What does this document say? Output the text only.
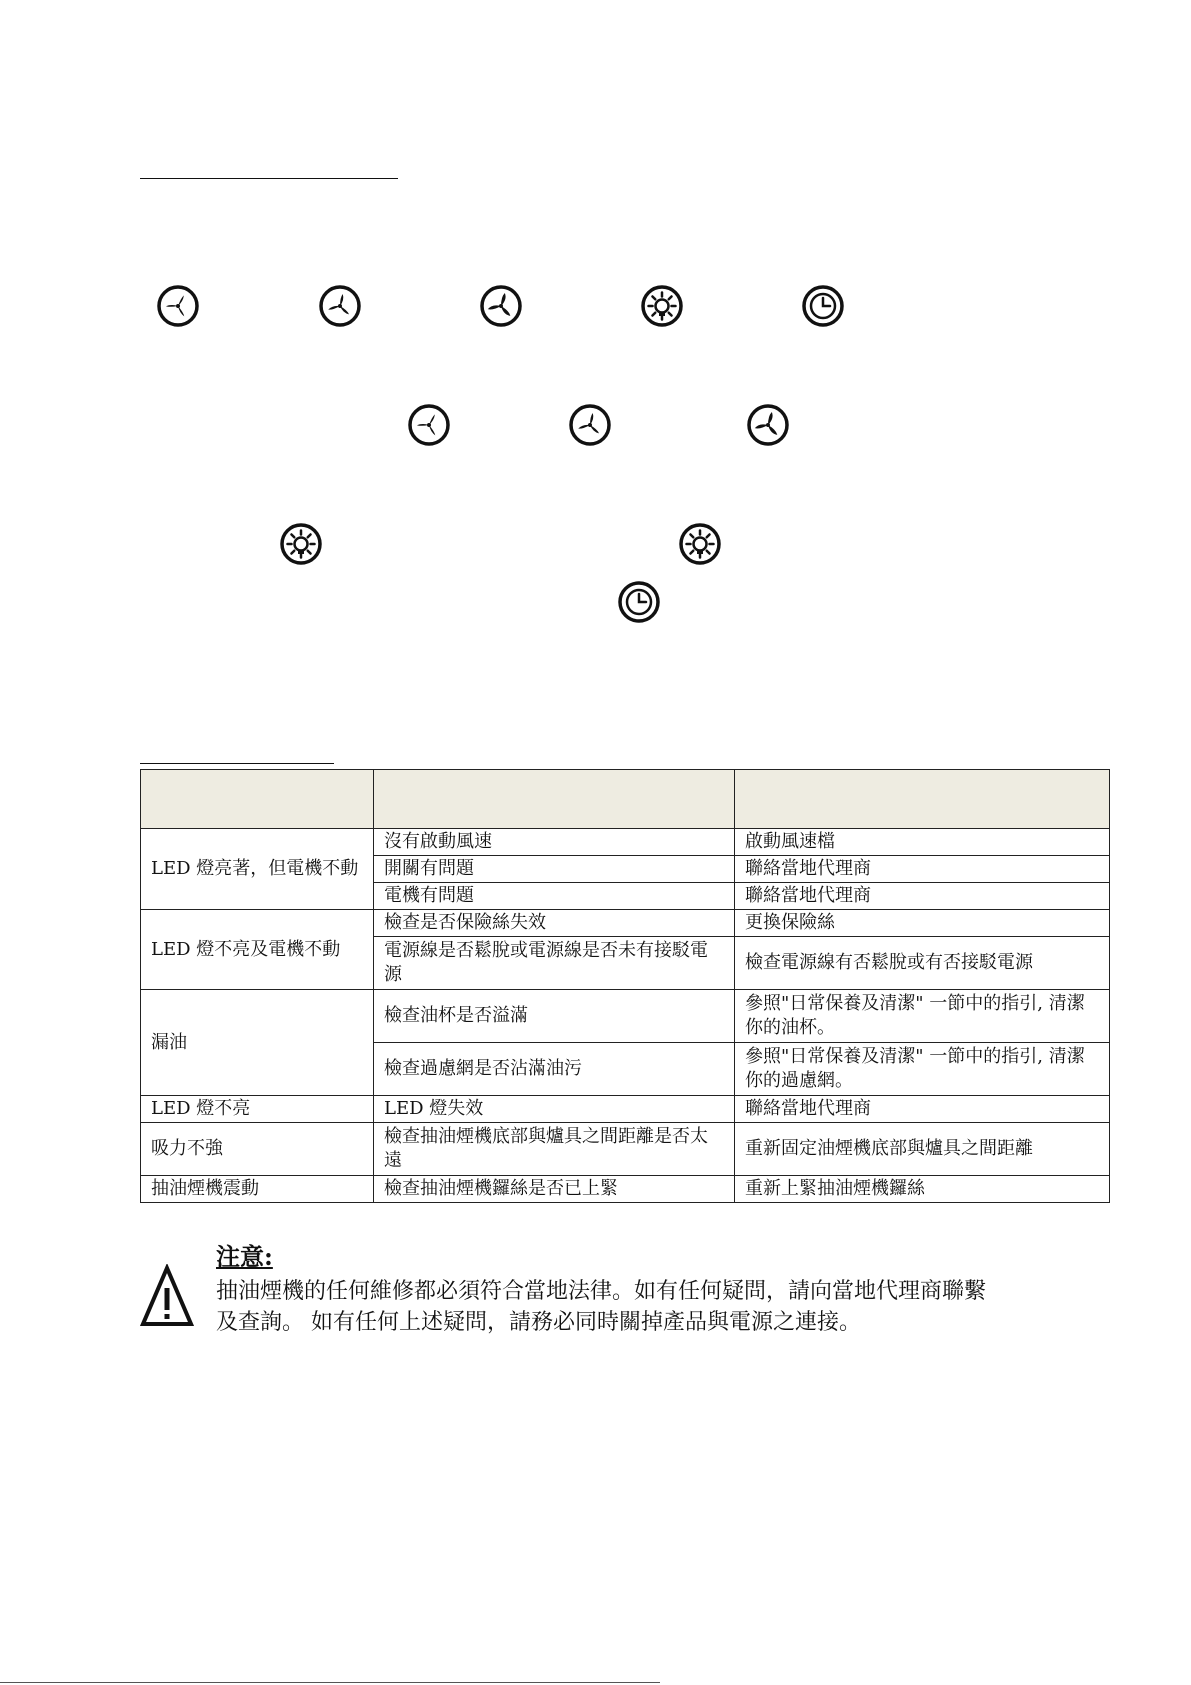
LED 燈亮著，但電機不動	沒有啟動風速	啟動風速檔
	開關有問題	聯絡當地代理商
	電機有問題	聯絡當地代理商
LED 燈不亮及電機不動	檢查是否保險絲失效	更換保險絲
	電源線是否鬆脫或電源線是否未有接駁電源	檢查電源線有否鬆脫或有否接駁電源
漏油	檢查油杯是否溢滿	參照"日常保養及清潔" 一節中的指引, 清潔你的油杯。
	檢查過慮網是否沾滿油污	參照"日常保養及清潔" 一節中的指引, 清潔你的過慮網。
LED 燈不亮	LED 燈失效	聯絡當地代理商
吸力不強	檢查抽油煙機底部與爐具之間距離是否太遠	重新固定油煙機底部與爐具之間距離
抽油煙機震動	檢查抽油煙機鑼絲是否已上緊	重新上緊抽油煙機鑼絲
注意:
抽油煙機的任何維修都必須符合當地法律。如有任何疑問，請向當地代理商聯繫
及查詢。 如有任何上述疑問，請務必同時關掉產品與電源之連接。
